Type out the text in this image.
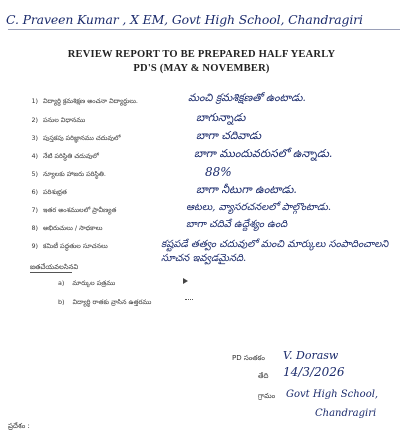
C. Praveen Kumar , X EM, Govt High School, Chandragiri
REVIEW REPORT TO BE PREPARED HALF YEARLY
PD'S (MAY & NOVEMBER)
1) విద్యార్థి క్రమశిక్షణ అంచనా విద్యార్థులు.	మంచి క్రమశిక్షణతో ఉంటాడు.
2) పనుల విధానము	బాగున్నాడు
3) పుస్తకపు పరిజ్ఞానము చదువులో	బాగా చదివాడు
4) నేటి పరిస్థితి చదువులో	బాగా ముందువరుసలో ఉన్నాడు.
5) న్యూలకు హాజరు పరిస్థితి.	88%
6) పరిశుభ్రత	బాగా నీటుగా ఉంటాడు.
7) ఇతర అంశములలో ప్రావీణ్యత	ఆటలు, వ్యాసరచనలలో పాల్గొంటాడు.
8) అభిరుచులు / సాధకాలు	బాగా చదివే ఉద్దేశ్యం ఉంది
9) కమిటీ పద్ధతుల సూచనలు	కష్టపడే తత్వం చదువులో మంచి మార్కులు సంపాదించాలని సూచన ఇవ్వడమైనది.
జతచేయవలసినవి
a) మార్కుల పత్రము
b) విద్యార్థి రాతకు వ్రాసిన ఉత్తరము
PD సంతకం V. Dorasw
తేది 14/3/2026
గ్రామం Govt High School,
Chandragiri
ప్రదేశం :
